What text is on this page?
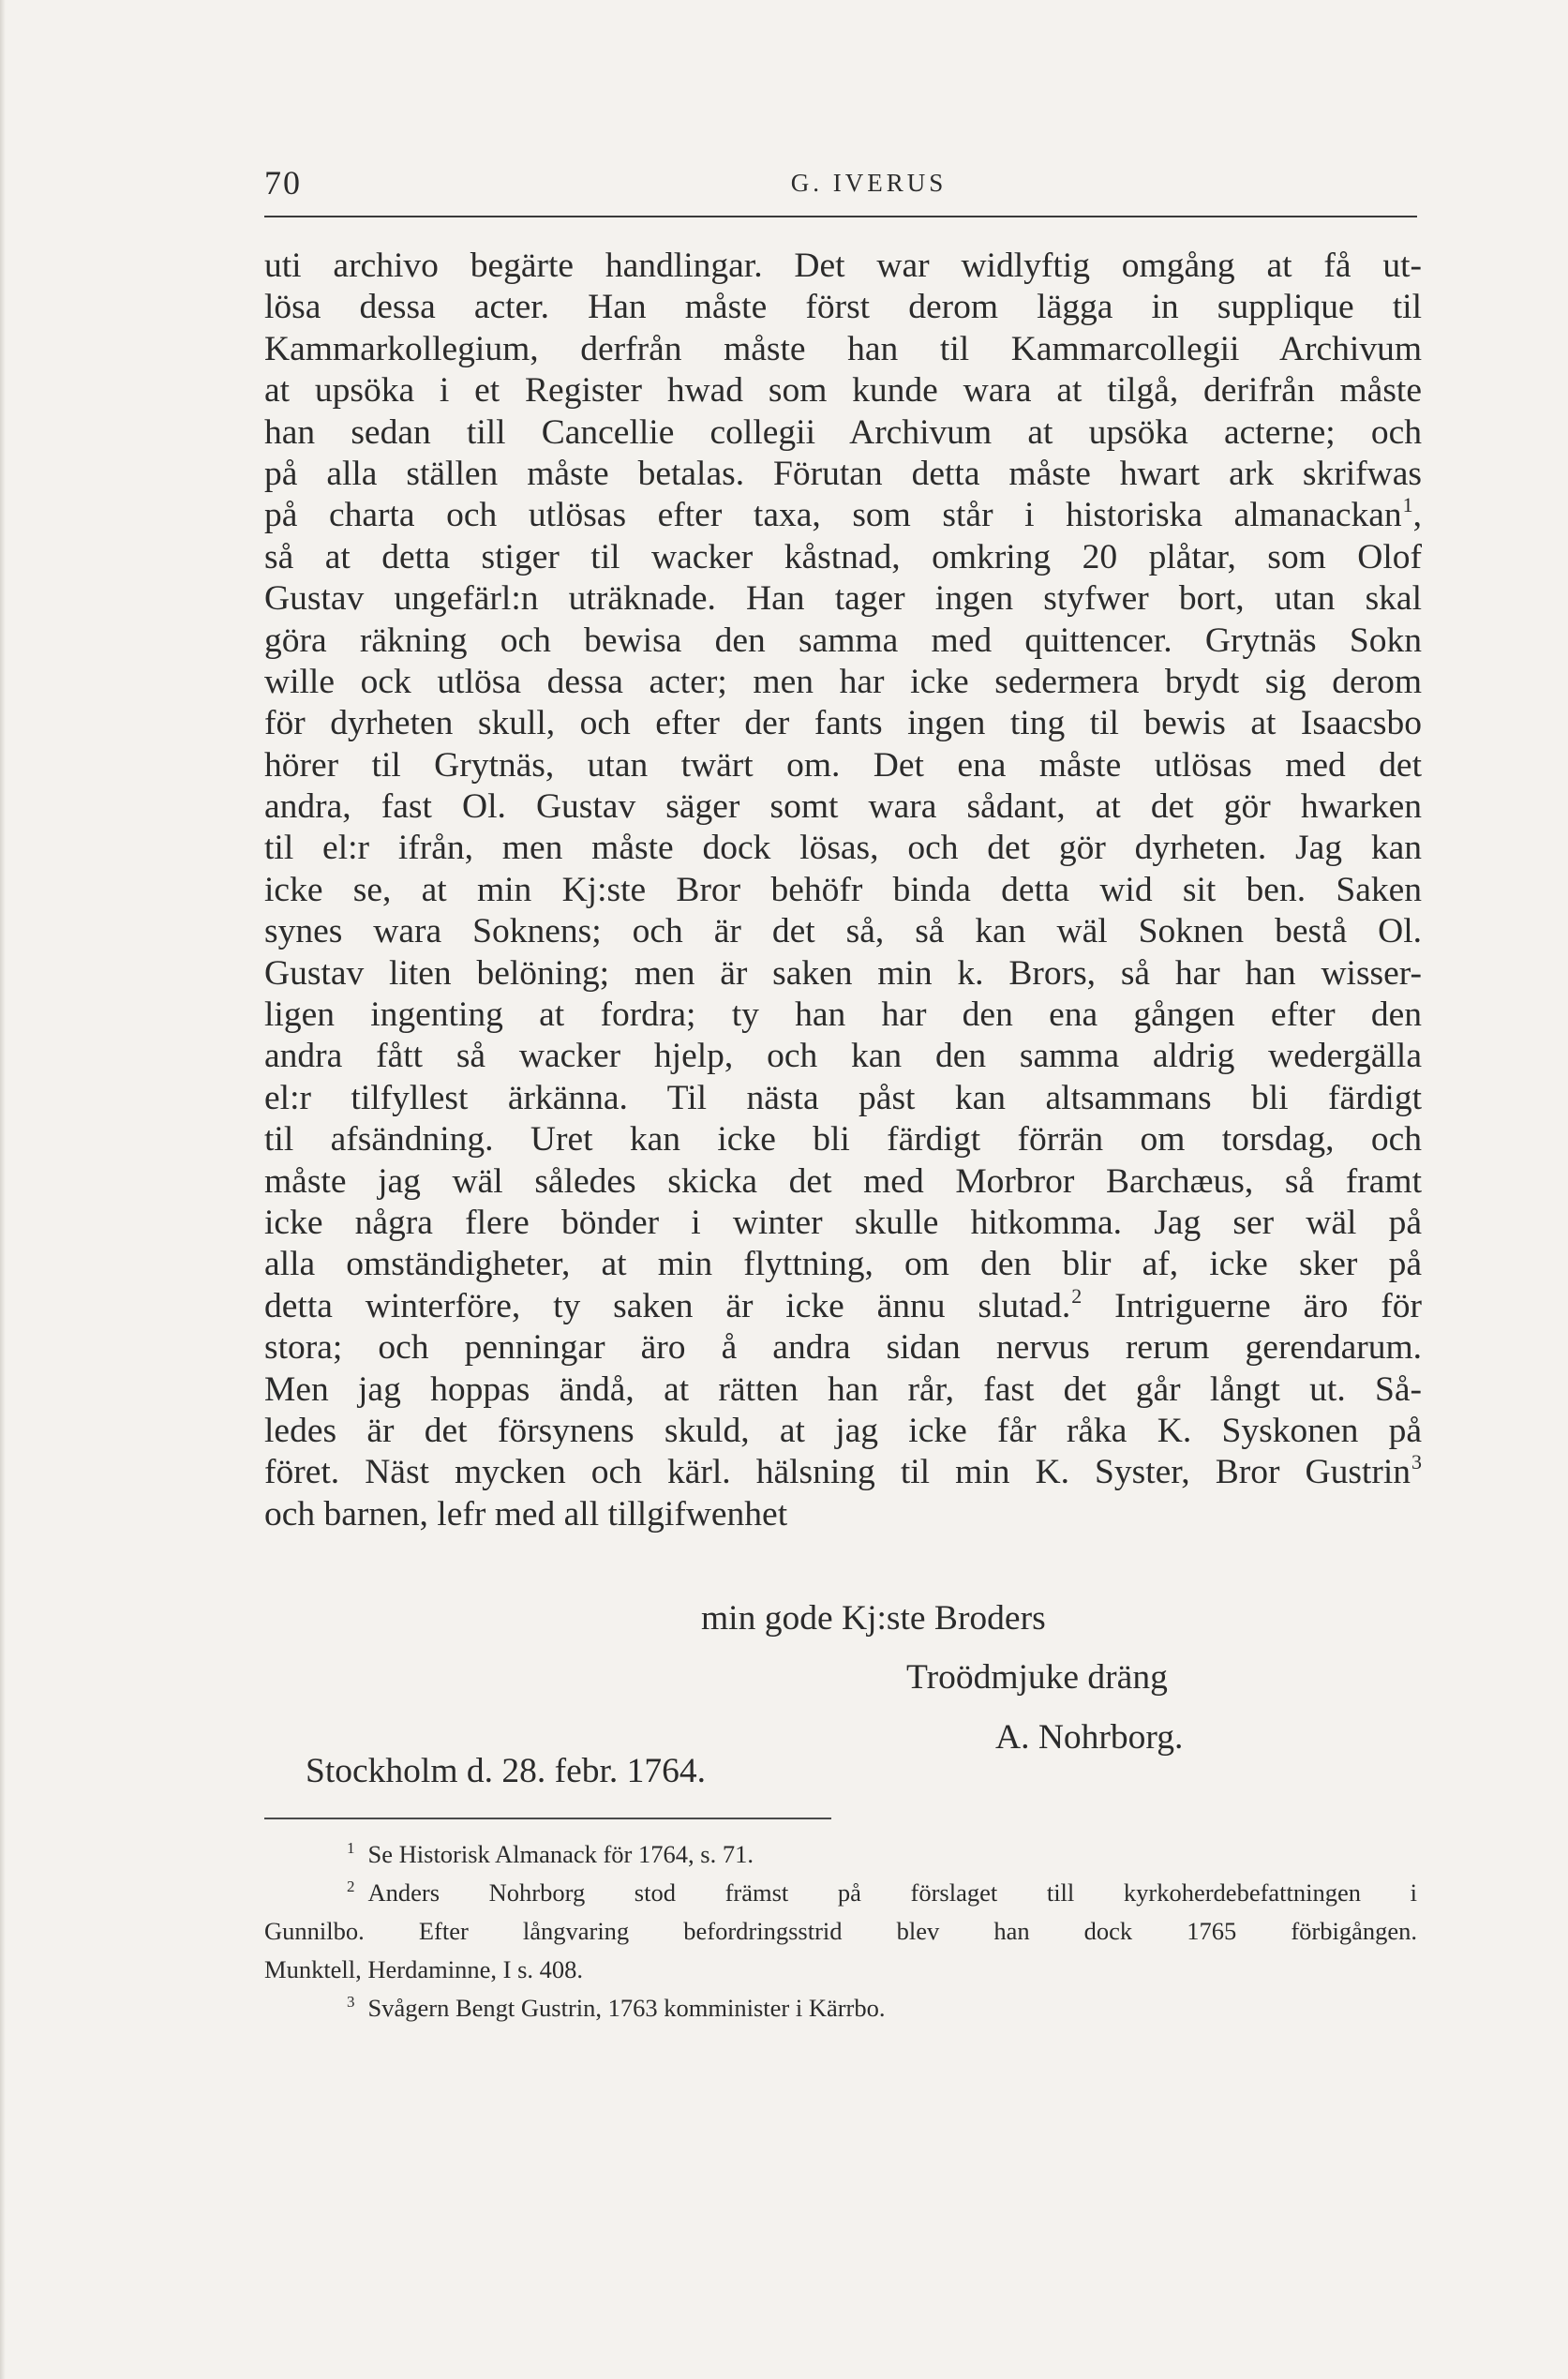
70	G. IVERUS
uti archivo begärte handlingar. Det war widlyftig omgång at få ut-
lösa dessa acter. Han måste först derom lägga in supplique til
Kammarkollegium, derfrån måste han til Kammarcollegii Archivum
at upsöka i et Register hwad som kunde wara at tilgå, derifrån måste
han sedan till Cancellie collegii Archivum at upsöka acterne; och
på alla ställen måste betalas. Förutan detta måste hwart ark skrifwas
på charta och utlösas efter taxa, som står i historiska almanackan$^1$,
så at detta stiger til wacker kåstnad, omkring 20 plåtar, som Olof
Gustav ungefärl:n uträknade. Han tager ingen styfwer bort, utan skal
göra räkning och bewisa den samma med quittencer. Grytnäs Sokn
wille ock utlösa dessa acter; men har icke sedermera brydt sig derom
för dyrheten skull, och efter der fants ingen ting til bewis at Isaacsbo
hörer til Grytnäs, utan twärt om. Det ena måste utlösas med det
andra, fast Ol. Gustav säger somt wara sådant, at det gör hwarken
til el:r ifrån, men måste dock lösas, och det gör dyrheten. Jag kan
icke se, at min Kj:ste Bror behöfr binda detta wid sit ben. Saken
synes wara Soknens; och är det så, så kan wäl Soknen bestå Ol.
Gustav liten belöning; men är saken min k. Brors, så har han wisser-
ligen ingenting at fordra; ty han har den ena gången efter den
andra fått så wacker hjelp, och kan den samma aldrig wedergälla
el:r tilfyllest ärkänna. Til nästa påst kan altsammans bli färdigt
til afsändning. Uret kan icke bli färdigt förrän om torsdag, och
måste jag wäl således skicka det med Morbror Barchæus, så framt
icke några flere bönder i winter skulle hitkomma. Jag ser wäl på
alla omständigheter, at min flyttning, om den blir af, icke sker på
detta winterföre, ty saken är icke ännu slutad.$^2$ Intriguerne äro för
stora; och penningar äro å andra sidan nervus rerum gerendarum.
Men jag hoppas ändå, at rätten han rår, fast det går långt ut. Så-
ledes är det försynens skuld, at jag icke får råka K. Syskonen på
föret. Näst mycken och kärl. hälsning til min K. Syster, Bror Gustrin$^3$
och barnen, lefr med all tillgifwenhet
min gode Kj:ste Broders
Troödmjuke dräng
A. Nohrborg.
Stockholm d. 28. febr. 1764.
$^1$ Se Historisk Almanack för 1764, s. 71.
$^2$ Anders Nohrborg stod främst på förslaget till kyrkoherdebefattningen i
Gunnilbo. Efter långvaring befordringsstrid blev han dock 1765 förbigången.
Munktell, Herdaminne, I s. 408.
$^3$ Svågern Bengt Gustrin, 1763 komminister i Kärrbo.
